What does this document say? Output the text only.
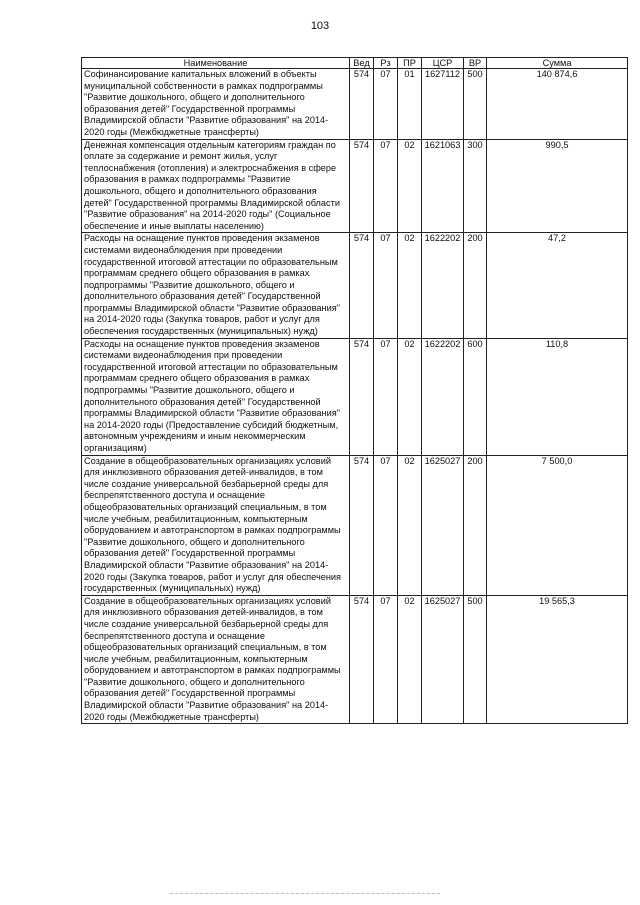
103
Наименование	Вед	Рз	ПР	ЦСР	ВР	Сумма
Софинансирование капитальных вложений в объекты муниципальной собственности в рамках подпрограммы "Развитие дошкольного, общего и дополнительного образования детей" Государственной программы Владимирской области "Развитие образования" на 2014-2020 годы (Межбюджетные трансферты)	574	07	01	1627112	500	140 874,6
Денежная компенсация отдельным категориям граждан по оплате за содержание и ремонт жилья, услуг теплоснабжения (отопления) и электроснабжения в сфере образования в рамках подпрограммы "Развитие дошкольного, общего и дополнительного образования детей" Государственной программы Владимирской области "Развитие образования" на 2014-2020 годы" (Социальное обеспечение и иные выплаты населению)	574	07	02	1621063	300	990,5
Расходы на оснащение пунктов проведения экзаменов системами видеонаблюдения при проведении государственной итоговой аттестации по образовательным программам среднего общего образования в рамках подпрограммы "Развитие дошкольного, общего и дополнительного образования детей" Государственной программы Владимирской области "Развитие образования" на 2014-2020 годы (Закупка товаров, работ и услуг для обеспечения государственных (муниципальных) нужд)	574	07	02	1622202	200	47,2
Расходы на оснащение пунктов проведения экзаменов системами видеонаблюдения при проведении государственной итоговой аттестации по образовательным программам среднего общего образования в рамках подпрограммы "Развитие дошкольного, общего и дополнительного образования детей" Государственной программы Владимирской области "Развитие образования" на 2014-2020 годы (Предоставление субсидий бюджетным, автономным учреждениям и иным некоммерческим организациям)	574	07	02	1622202	600	110,8
Создание в общеобразовательных организациях условий для инклюзивного образования детей-инвалидов, в том числе создание универсальной безбарьерной среды для беспрепятственного доступа и оснащение общеобразовательных организаций специальным, в том числе учебным, реабилитационным, компьютерным оборудованием и автотранспортом в рамках подпрограммы "Развитие дошкольного, общего и дополнительного образования детей" Государственной программы Владимирской области "Развитие образования" на 2014-2020 годы (Закупка товаров, работ и услуг для обеспечения государственных (муниципальных) нужд)	574	07	02	1625027	200	7 500,0
Создание в общеобразовательных организациях условий для инклюзивного образования детей-инвалидов, в том числе создание универсальной безбарьерной среды для беспрепятственного доступа и оснащение общеобразовательных организаций специальным, в том числе учебным, реабилитационным, компьютерным оборудованием и автотранспортом в рамках подпрограммы "Развитие дошкольного, общего и дополнительного образования детей" Государственной программы Владимирской области "Развитие образования" на 2014-2020 годы (Межбюджетные трансферты)	574	07	02	1625027	500	19 565,3
